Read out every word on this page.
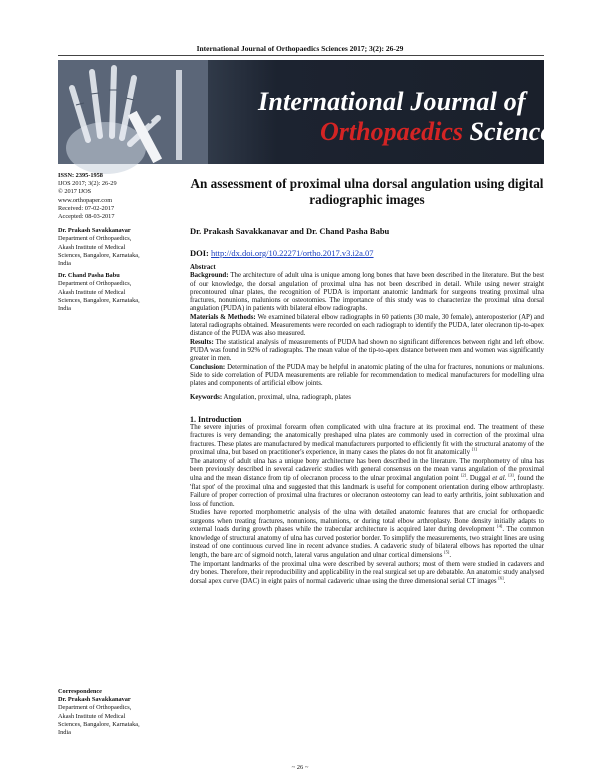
International Journal of Orthopaedics Sciences 2017; 3(2): 26-29
International Journal of
Orthopaedics Sciences
ISSN: 2395-1958
IJOS 2017; 3(2): 26-29
© 2017 IJOS
www.orthopaper.com
Received: 07-02-2017
Accepted: 08-03-2017
Dr. Prakash Savakkanavar
Department of Orthopaedics,
Akash Institute of Medical
Sciences, Bangalore, Karnataka,
India
Dr. Chand Pasha Babu
Department of Orthopaedics,
Akash Institute of Medical
Sciences, Bangalore, Karnataka,
India
Correspondence
Dr. Prakash Savakkanavar
Department of Orthopaedics,
Akash Institute of Medical
Sciences, Bangalore, Karnataka,
India
An assessment of proximal ulna dorsal angulation using digital radiographic images
Dr. Prakash Savakkanavar and Dr. Chand Pasha Babu
DOI: http://dx.doi.org/10.22271/ortho.2017.v3.i2a.07
Abstract
Background: The architecture of adult ulna is unique among long bones that have been described in the literature. But the best of our knowledge, the dorsal angulation of proximal ulna has not been described in detail. While using newer straight precontoured ulnar plates, the recognition of PUDA is important anatomic landmark for surgeons treating proximal ulna fractures, nonunions, malunions or osteotomies. The importance of this study was to characterize the proximal ulna dorsal angulation (PUDA) in patients with bilateral elbow radiographs.
Materials & Methods: We examined bilateral elbow radiographs in 60 patients (30 male, 30 female), anteroposterior (AP) and lateral radiographs obtained. Measurements were recorded on each radiograph to identify the PUDA, later olecranon tip-to-apex distance of the PUDA was also measured.
Results: The statistical analysis of measurements of PUDA had shown no significant differences between right and left elbow. PUDA was found in 92% of radiographs. The mean value of the tip-to-apex distance between men and women was significantly greater in men.
Conclusion: Determination of the PUDA may be helpful in anatomic plating of the ulna for fractures, nonunions or malunions. Side to side correlation of PUDA measurements are reliable for recommendation to medical manufacturers for modelling ulna plates and components of artificial elbow joints.
Keywords: Angulation, proximal, ulna, radiograph, plates
1. Introduction

The severe injuries of proximal forearm often complicated with ulna fracture at its proximal end. The treatment of these fractures is very demanding; the anatomically preshaped ulna plates are commonly used in correction of the proximal ulna fractures. These plates are manufactured by medical manufacturers purported to efficiently fit with the structural anatomy of the proximal ulna, but based on practitioner's experience, in many cases the plates do not fit anatomically [1]

The anatomy of adult ulna has a unique bony architecture has been described in the literature. The morphometry of ulna has been previously described in several cadaveric studies with general consensus on the mean varus angulation of the proximal ulna and the mean distance from tip of olecranon process to the ulnar proximal angulation point [2]. Duggal et al. [3], found the 'flat spot' of the proximal ulna and suggested that this landmark is useful for component orientation during elbow arthroplasty. Failure of proper correction of proximal ulna fractures or olecranon osteotomy can lead to early arthritis, joint subluxation and loss of function.

Studies have reported morphometric analysis of the ulna with detailed anatomic features that are crucial for orthopaedic surgeons when treating fractures, nonunions, malunions, or during total elbow arthroplasty. Bone density initially adapts to external loads during growth phases while the trabecular architecture is acquired later during development [4]. The common knowledge of structural anatomy of ulna has curved posterior border. To simplify the measurements, two straight lines are using instead of one continuous curved line in recent advance studies. A cadaveric study of bilateral elbows has reported the ulnar length, the bare arc of sigmoid notch, lateral varus angulation and ulnar cortical dimensions [5].

The important landmarks of the proximal ulna were described by several authors; most of them were studied in cadavers and dry bones. Therefore, their reproducibility and applicability in the real surgical set up are debatable. An anatomic study analysed dorsal apex curve (DAC) in eight pairs of normal cadaveric ulnae using the three dimensional serial CT images [6].

~ 26 ~
